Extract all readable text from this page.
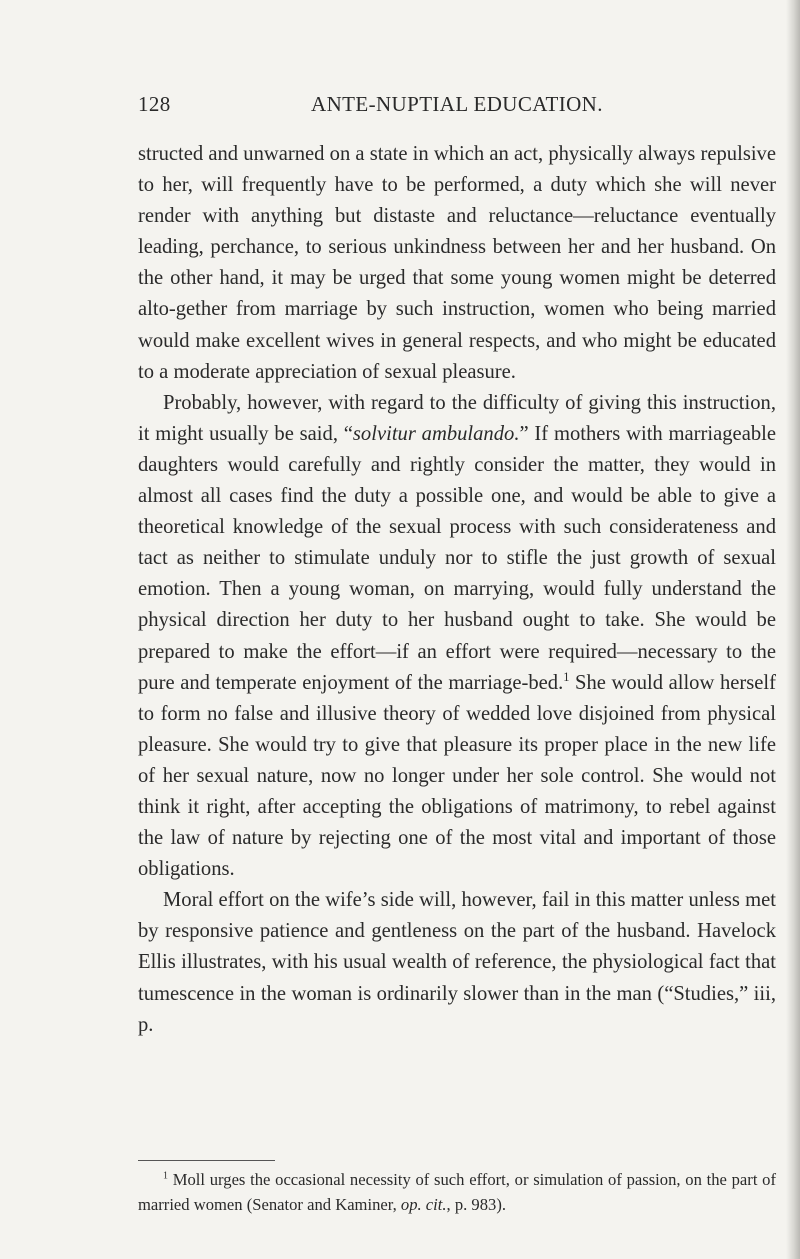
128	ANTE-NUPTIAL EDUCATION.

structed and unwarned on a state in which an act, physically always repulsive to her, will frequently have to be performed, a duty which she will never render with anything but distaste and reluctance—reluctance eventually leading, perchance, to serious unkindness between her and her husband. On the other hand, it may be urged that some young women might be deterred alto-gether from marriage by such instruction, women who being married would make excellent wives in general respects, and who might be educated to a moderate appreciation of sexual pleasure.

Probably, however, with regard to the difficulty of giving this instruction, it might usually be said, “solvitur ambulando.” If mothers with marriageable daughters would carefully and rightly consider the matter, they would in almost all cases find the duty a possible one, and would be able to give a theoretical knowledge of the sexual process with such considerateness and tact as neither to stimulate unduly nor to stifle the just growth of sexual emotion. Then a young woman, on marrying, would fully understand the physical direction her duty to her husband ought to take. She would be prepared to make the effort—if an effort were required—necessary to the pure and temperate enjoyment of the marriage-bed.$^1$ She would allow herself to form no false and illusive theory of wedded love disjoined from physical pleasure. She would try to give that pleasure its proper place in the new life of her sexual nature, now no longer under her sole control. She would not think it right, after accepting the obligations of matrimony, to rebel against the law of nature by rejecting one of the most vital and important of those obligations.

Moral effort on the wife’s side will, however, fail in this matter unless met by responsive patience and gentleness on the part of the husband. Havelock Ellis illustrates, with his usual wealth of reference, the physiological fact that tumescence in the woman is ordinarily slower than in the man (“Studies,” iii, p.

$^1$ Moll urges the occasional necessity of such effort, or simulation of passion, on the part of married women (Senator and Kaminer, op. cit., p. 983).
